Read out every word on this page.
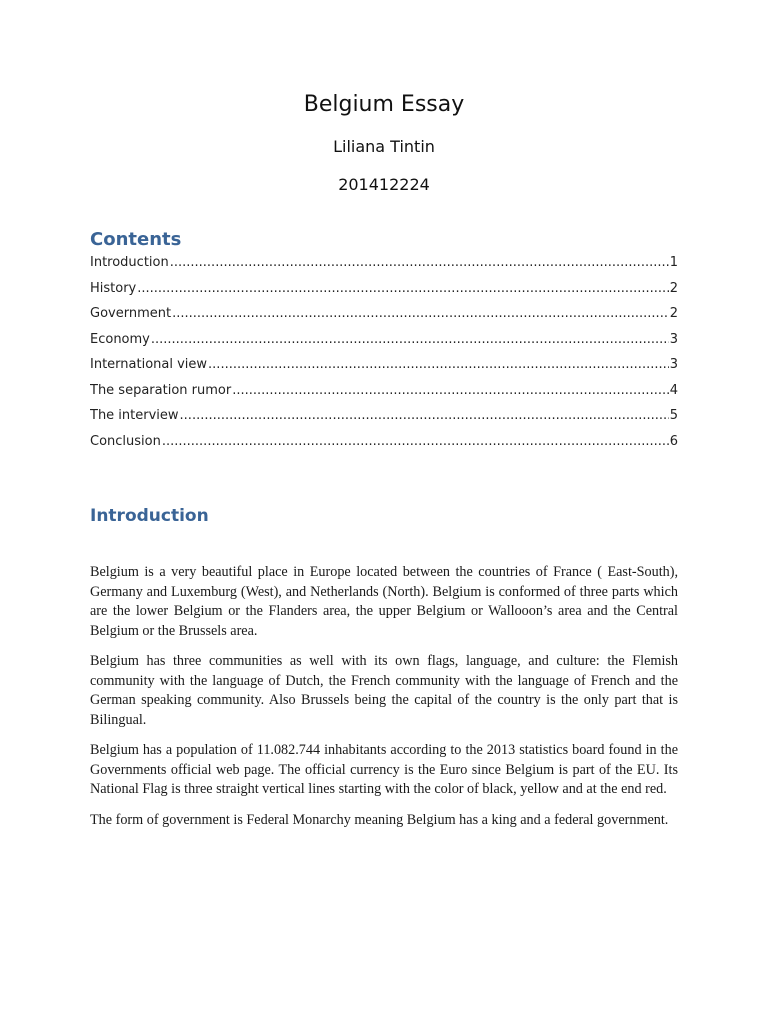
Belgium Essay
Liliana Tintin
201412224
Contents
Introduction .....	1
History .....	2
Government .....	2
Economy .....	3
International view .....	3
The separation rumor .....	4
The interview .....	5
Conclusion .....	6
Introduction

Belgium is a very beautiful place in Europe located between the countries of France ( East-South), Germany and Luxemburg (West), and Netherlands (North). Belgium is conformed of three parts which are the lower Belgium or the Flanders area, the upper Belgium or Wallooon’s area and the Central Belgium or the Brussels area.

Belgium has three communities as well with its own flags, language, and culture: the Flemish community with the language of Dutch, the French community with the language of French and the German speaking community. Also Brussels being the capital of the country is the only part that is Bilingual.

Belgium has a population of 11.082.744 inhabitants according to the 2013 statistics board found in the Governments official web page. The official currency is the Euro since Belgium is part of the EU. Its National Flag is three straight vertical lines starting with the color of black, yellow and at the end red.

The form of government is Federal Monarchy meaning Belgium has a king and a federal government.
